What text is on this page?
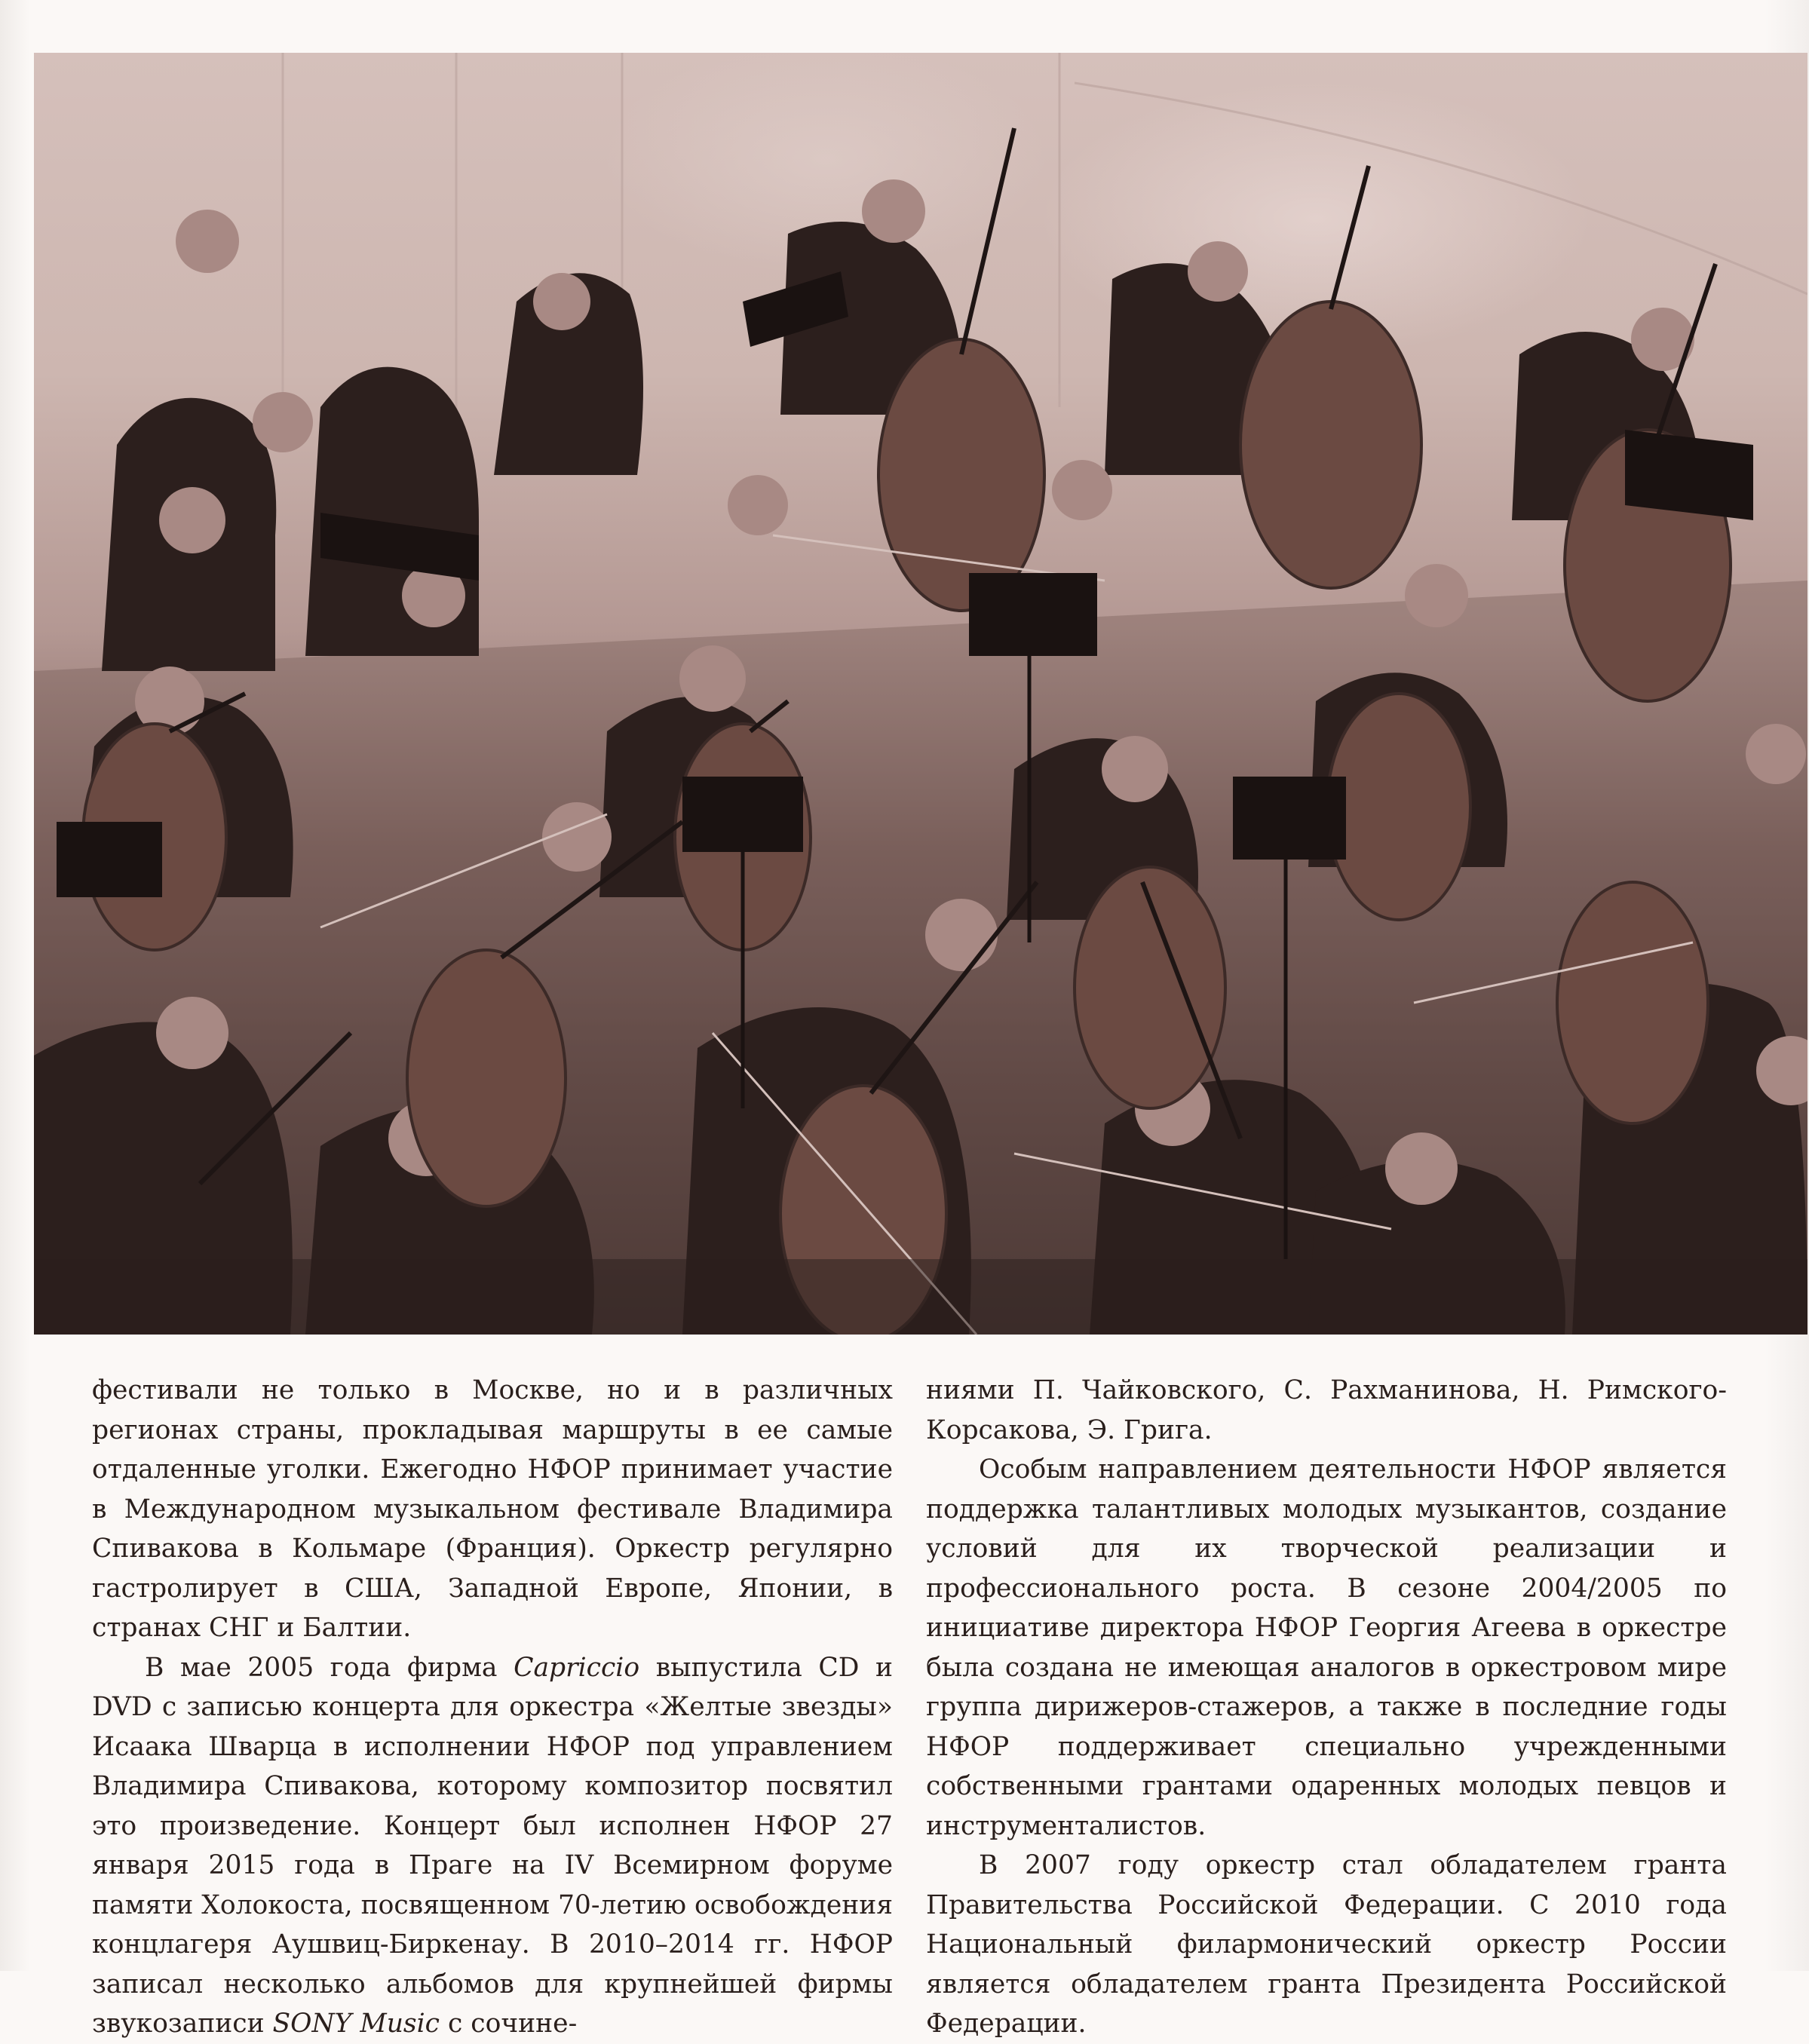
фестивали не только в Москве, но и в различных регионах страны, прокладывая маршруты в ее самые отдаленные уголки. Ежегодно НФОР принимает участие в Международном музыкальном фестивале Владимира Спивакова в Кольмаре (Франция). Оркестр регулярно гастролирует в США, Западной Европе, Японии, в странах СНГ и Балтии.

В мае 2005 года фирма Capriccio выпустила CD и DVD с записью концерта для оркестра «Желтые звезды» Исаака Шварца в исполнении НФОР под управлением Владимира Спивакова, которому композитор посвятил это произведение. Концерт был исполнен НФОР 27 января 2015 года в Праге на IV Всемирном форуме памяти Холокоста, посвященном 70-летию освобождения концлагеря Аушвиц-Биркенау. В 2010–2014 гг. НФОР записал несколько альбомов для крупнейшей фирмы звукозаписи SONY Music с сочине-

ниями П. Чайковского, С. Рахманинова, Н. Римского-Корсакова, Э. Грига.

Особым направлением деятельности НФОР является поддержка талантливых молодых музыкантов, создание условий для их творческой реализации и профессионального роста. В сезоне 2004/2005 по инициативе директора НФОР Георгия Агеева в оркестре была создана не имеющая аналогов в оркестровом мире группа дирижеров-стажеров, а также в последние годы НФОР поддерживает специально учрежденными собственными грантами одаренных молодых певцов и инструменталистов.

В 2007 году оркестр стал обладателем гранта Правительства Российской Федерации. С 2010 года Национальный филармонический оркестр России является обладателем гранта Президента Российской Федерации.
